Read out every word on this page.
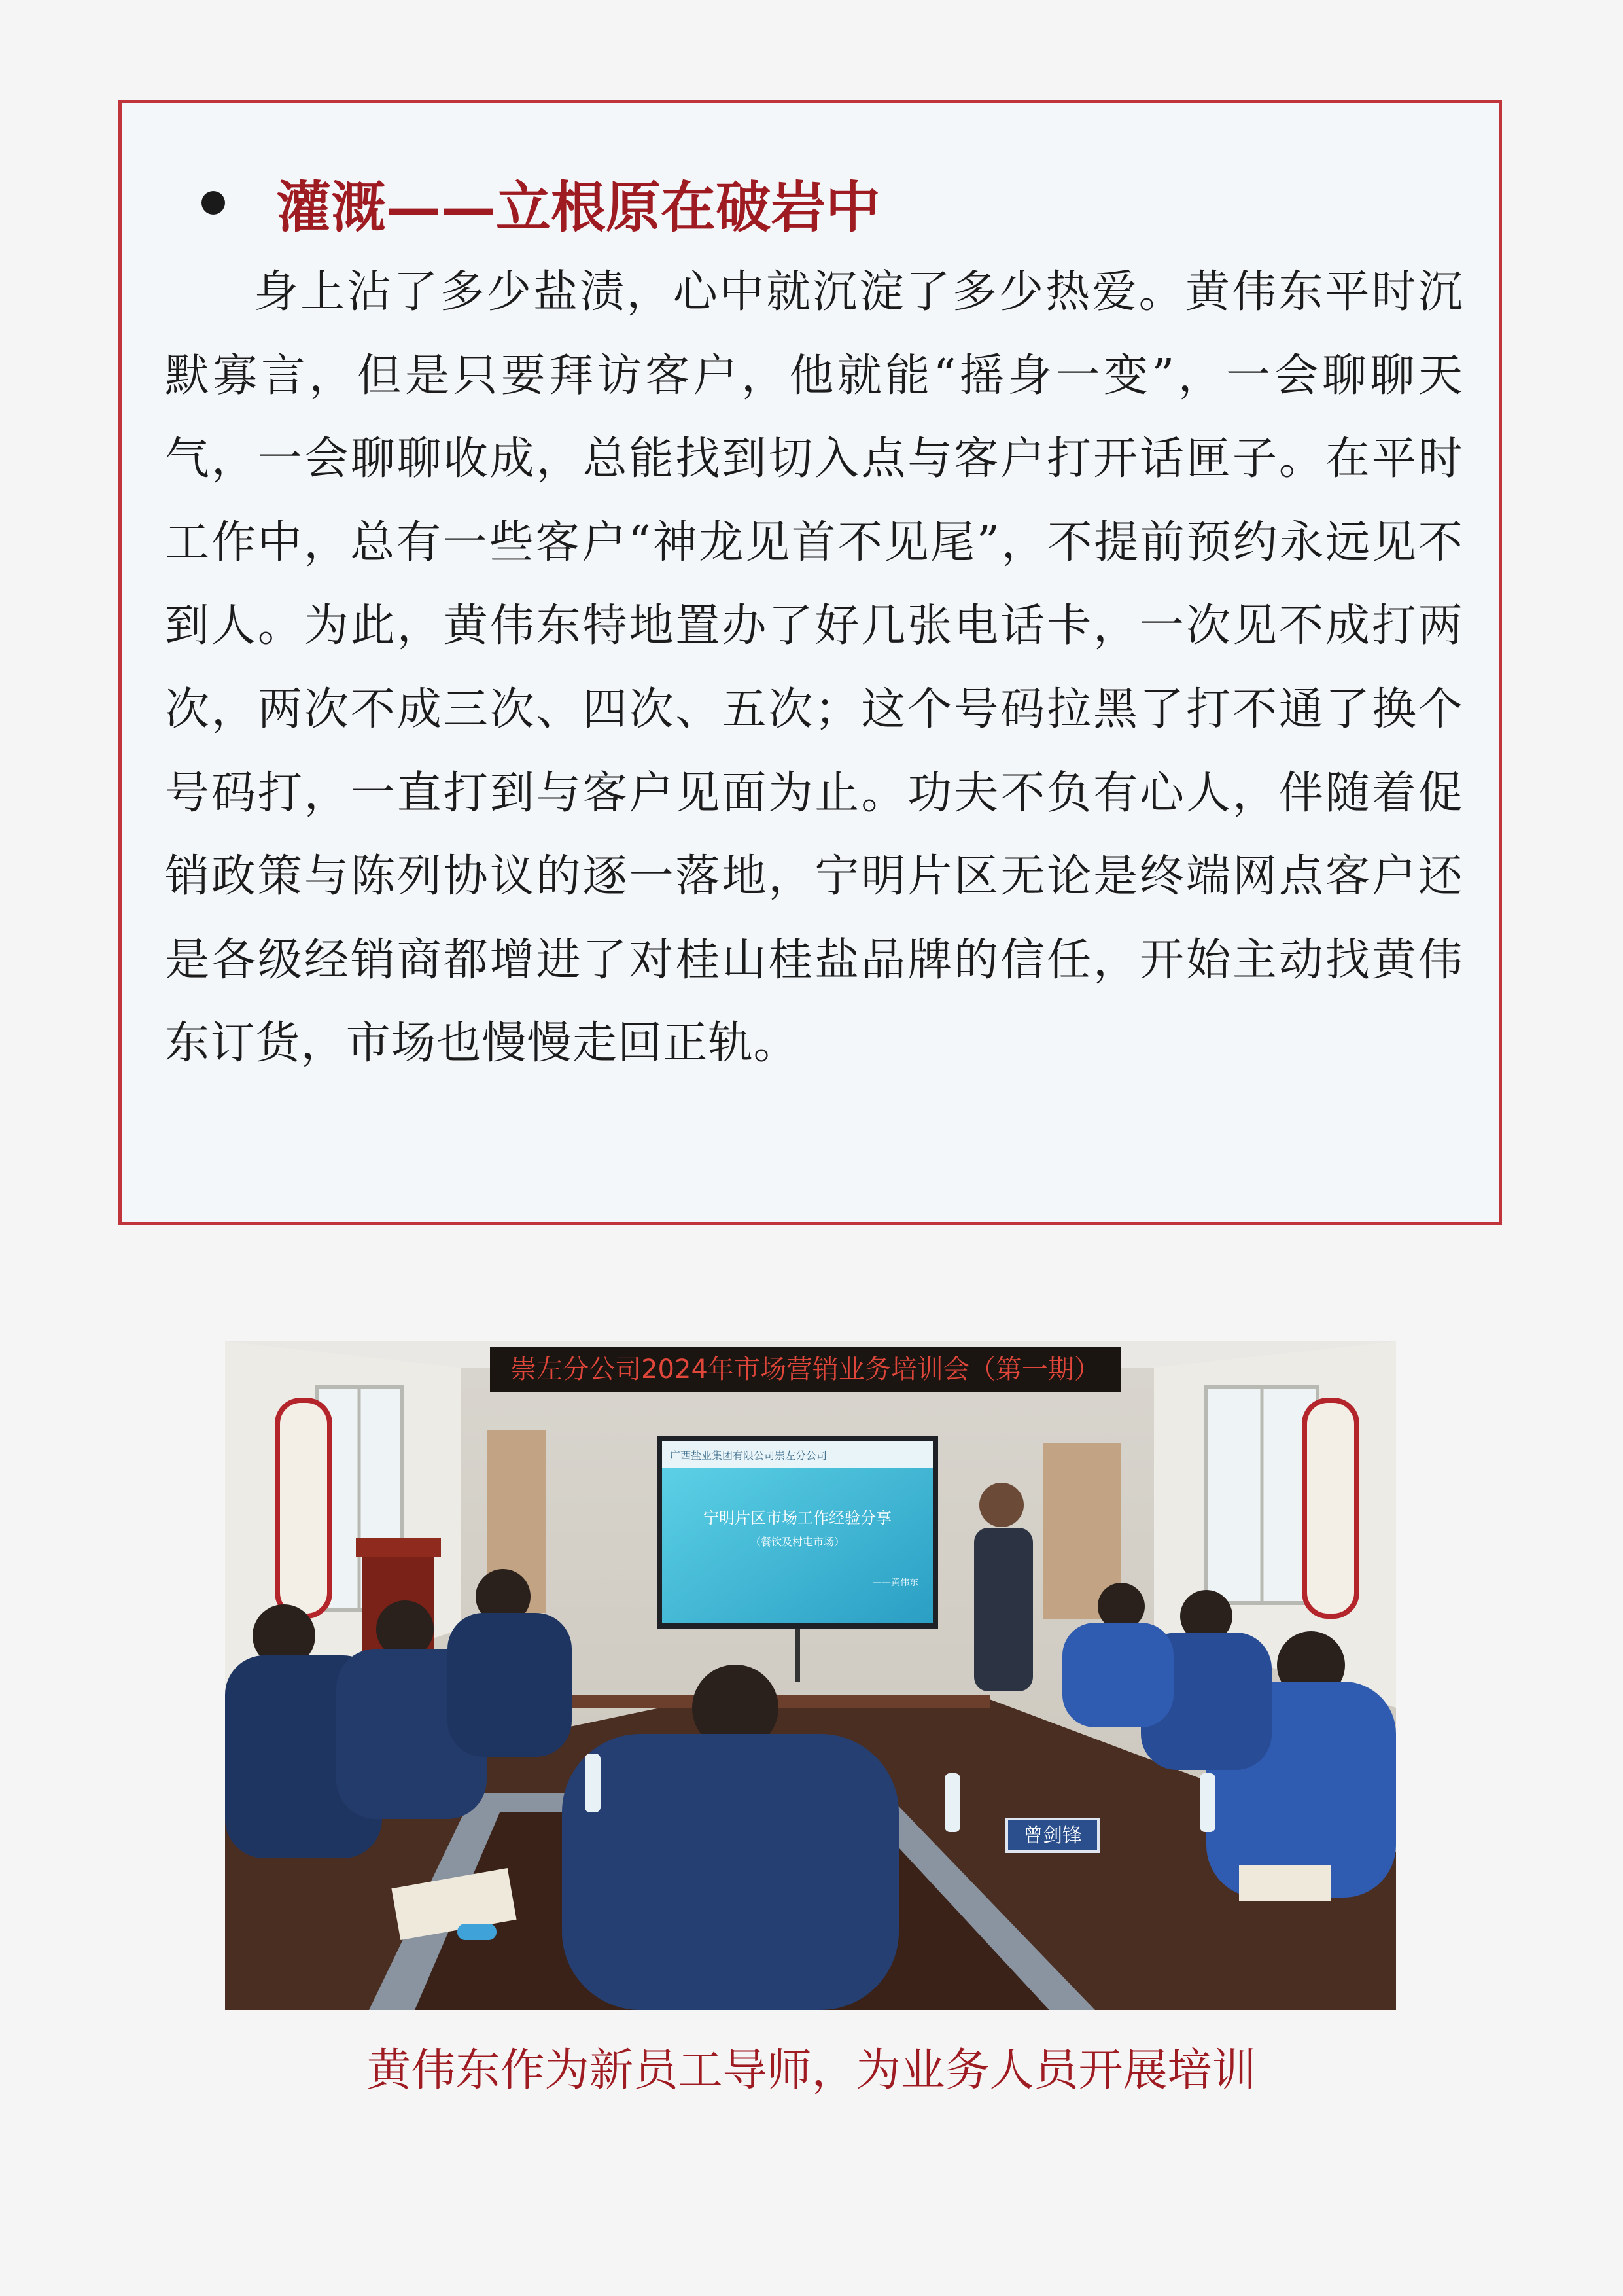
灌溉——立根原在破岩中

身上沾了多少盐渍，心中就沉淀了多少热爱。黄伟东平时沉默寡言，但是只要拜访客户，他就能“摇身一变”，一会聊聊天气，一会聊聊收成，总能找到切入点与客户打开话匣子。在平时工作中，总有一些客户“神龙见首不见尾”，不提前预约永远见不到人。为此，黄伟东特地置办了好几张电话卡，一次见不成打两次，两次不成三次、四次、五次；这个号码拉黑了打不通了换个号码打，一直打到与客户见面为止。功夫不负有心人，伴随着促销政策与陈列协议的逐一落地，宁明片区无论是终端网点客户还是各级经销商都增进了对桂山桂盐品牌的信任，开始主动找黄伟东订货，市场也慢慢走回正轨。

崇左分公司2024年市场营销业务培训会（第一期）
广西盐业集团有限公司崇左分公司
宁明片区市场工作经验分享
（餐饮及村屯市场）
——黄伟东
曾剑锋
黄伟东作为新员工导师，为业务人员开展培训
